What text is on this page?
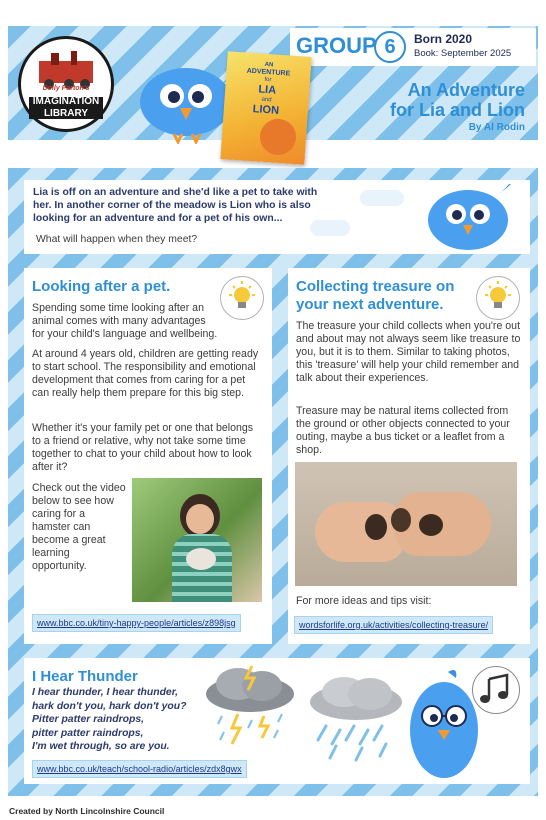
GROUP 6	Born 2020
Book: September 2025
Dolly Parton's
IMAGINATION
LIBRARY
AN
ADVENTURE
for
LIA
and
LION
An Adventure
for Lia and Lion
By Al Rodin
Lia is off on an adventure and she'd like a pet to take with her. In another corner of the meadow is Lion who is also looking for an adventure and for a pet of his own...
What will happen when they meet?
Looking after a pet.
Spending some time looking after an animal comes with many advantages for your child's language and wellbeing.
At around 4 years old, children are getting ready to start school. The responsibility and emotional development that comes from caring for a pet can really help them prepare for this big step.
Whether it's your family pet or one that belongs to a friend or relative, why not take some time together to chat to your child about how to look after it?
Check out the video below to see how caring for a hamster can become a great learning opportunity.
www.bbc.co.uk/tiny-happy-people/articles/z898jsg
Collecting treasure on
your next adventure.
The treasure your child collects when you're out and about may not always seem like treasure to you, but it is to them. Similar to taking photos, this 'treasure' will help your child remember and talk about their experiences.
Treasure may be natural items collected from the ground or other objects connected to your outing, maybe a bus ticket or a leaflet from a shop.
For more ideas and tips visit:
wordsforlife.org.uk/activities/collecting-treasure/
I Hear Thunder
I hear thunder, I hear thunder,
hark don't you, hark don't you?
Pitter patter raindrops,
pitter patter raindrops,
I'm wet through, so are you.
www.bbc.co.uk/teach/school-radio/articles/zdx8gwx
Created by North Lincolnshire Council
